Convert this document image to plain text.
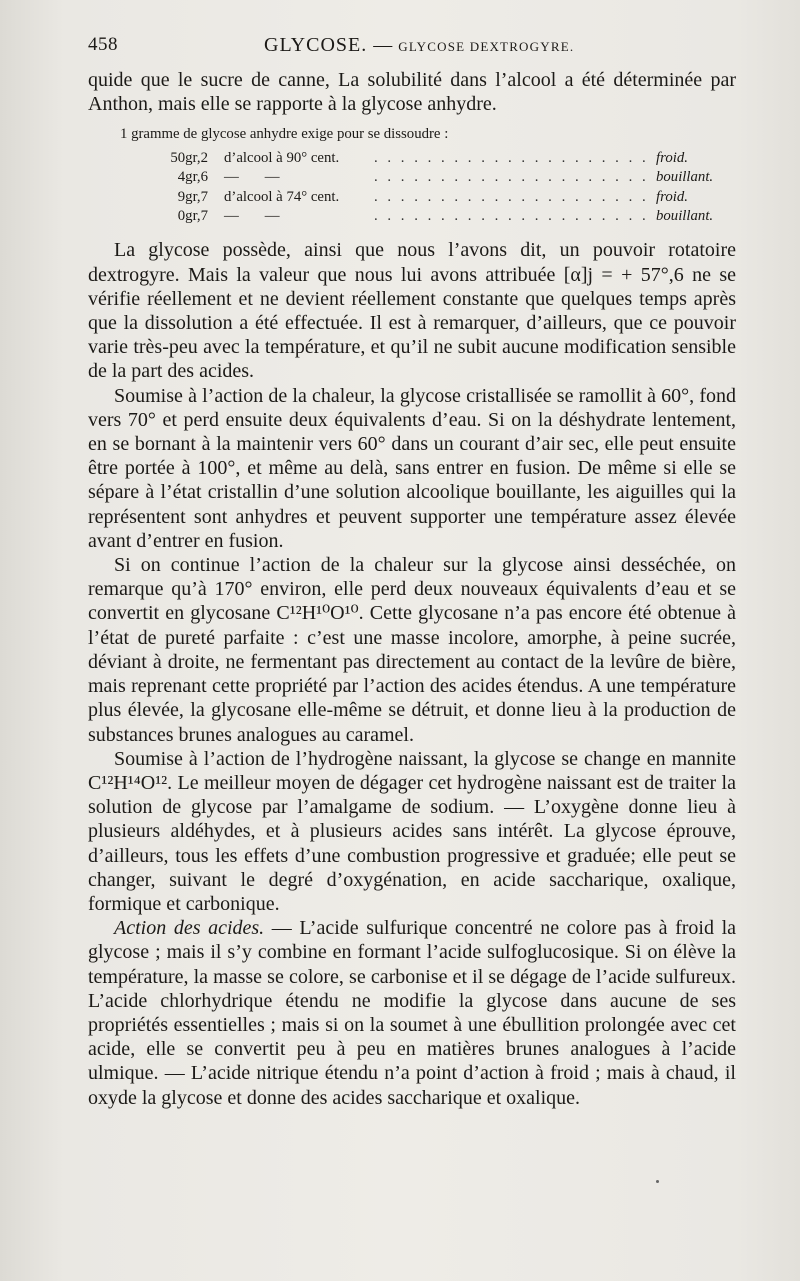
458	GLYCOSE. — GLYCOSE DEXTROGYRE.

quide que le sucre de canne, La solubilité dans l’alcool a été déterminée par Anthon, mais elle se rapporte à la glycose anhydre.

1 gramme de glycose anhydre exige pour se dissoudre :
50gr,2	d’alcool à 90° cent. . . .	froid.
4gr,6	—       — . . .	bouillant.
9gr,7	d’alcool à 74° cent. . . .	froid.
0gr,7	—       — . . .	bouillant.

La glycose possède, ainsi que nous l’avons dit, un pouvoir rotatoire dextrogyre. Mais la valeur que nous lui avons attribuée [α]j = + 57°,6 ne se vérifie réellement et ne devient réellement constante que quelques temps après que la dissolution a été effectuée. Il est à remarquer, d’ailleurs, que ce pouvoir varie très-peu avec la température, et qu’il ne subit aucune modification sensible de la part des acides.

Soumise à l’action de la chaleur, la glycose cristallisée se ramollit à 60°, fond vers 70° et perd ensuite deux équivalents d’eau. Si on la déshydrate lentement, en se bornant à la maintenir vers 60° dans un courant d’air sec, elle peut ensuite être portée à 100°, et même au delà, sans entrer en fusion. De même si elle se sépare à l’état cristallin d’une solution alcoolique bouillante, les aiguilles qui la représentent sont anhydres et peuvent supporter une température assez élevée avant d’entrer en fusion.

Si on continue l’action de la chaleur sur la glycose ainsi desséchée, on remarque qu’à 170° environ, elle perd deux nouveaux équivalents d’eau et se convertit en glycosane C¹²H¹⁰O¹⁰. Cette glycosane n’a pas encore été obtenue à l’état de pureté parfaite : c’est une masse incolore, amorphe, à peine sucrée, déviant à droite, ne fermentant pas directement au contact de la levûre de bière, mais reprenant cette propriété par l’action des acides étendus. A une température plus élevée, la glycosane elle-même se détruit, et donne lieu à la production de substances brunes analogues au caramel.

Soumise à l’action de l’hydrogène naissant, la glycose se change en mannite C¹²H¹⁴O¹². Le meilleur moyen de dégager cet hydrogène naissant est de traiter la solution de glycose par l’amalgame de sodium. — L’oxygène donne lieu à plusieurs aldéhydes, et à plusieurs acides sans intérêt. La glycose éprouve, d’ailleurs, tous les effets d’une combustion progressive et graduée; elle peut se changer, suivant le degré d’oxygénation, en acide saccharique, oxalique, formique et carbonique.

Action des acides. — L’acide sulfurique concentré ne colore pas à froid la glycose ; mais il s’y combine en formant l’acide sulfoglucosique. Si on élève la température, la masse se colore, se carbonise et il se dégage de l’acide sulfureux. L’acide chlorhydrique étendu ne modifie la glycose dans aucune de ses propriétés essentielles ; mais si on la soumet à une ébullition prolongée avec cet acide, elle se convertit peu à peu en matières brunes analogues à l’acide ulmique. — L’acide nitrique étendu n’a point d’action à froid ; mais à chaud, il oxyde la glycose et donne des acides saccharique et oxalique.
